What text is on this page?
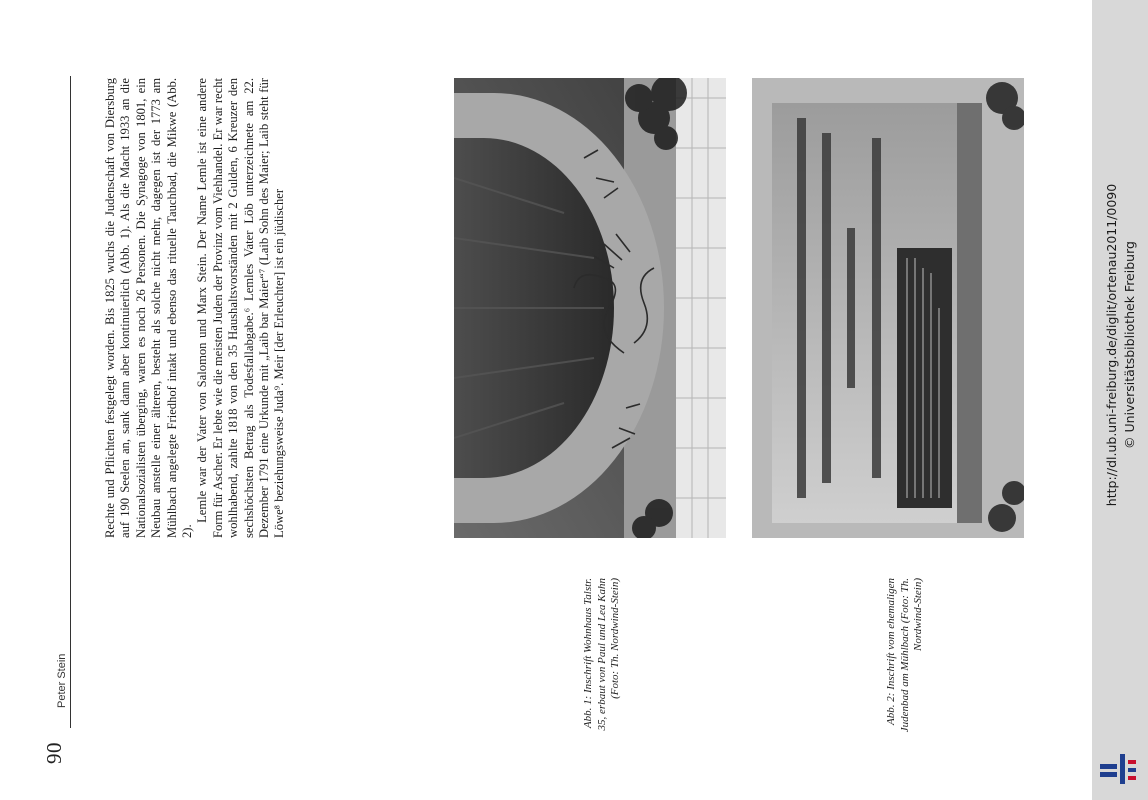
90
Peter Stein

Rechte und Pflichten festgelegt worden. Bis 1825 wuchs die Judenschaft von Diersburg auf 190 Seelen an, sank dann aber kontinuierlich (Abb. 1). Als die Macht 1933 an die Nationalsozialisten überging, waren es noch 26 Personen. Die Synagoge von 1801, ein Neubau anstelle einer älteren, besteht als solche nicht mehr, dagegen ist der 1773 am Mühlbach angelegte Friedhof intakt und ebenso das rituelle Tauchbad, die Mikwe (Abb. 2).

Lemle war der Vater von Salomon und Marx Stein. Der Name Lemle ist eine andere Form für Ascher. Er lebte wie die meisten Juden der Provinz vom Viehhandel. Er war recht wohlhabend, zahlte 1818 von den 35 Haushaltsvorständen mit 2 Gulden, 6 Kreuzer den sechshöchsten Betrag als Todesfallabgabe.⁶ Lemles Vater Löb unterzeichnete am 22. Dezember 1791 eine Urkunde mit „Laib bar Maier“⁷ (Laib Sohn des Maier; Laib steht für Löwe⁸ beziehungsweise Juda⁹. Meir [der Erleuchter] ist ein jüdischer

Abb. 1: Inschrift Wohnhaus Talstr. 35, erbaut von Paul und Lea Kahn (Foto: Th. Nordwind-Stein)	Abb. 2: Inschrift vom ehemaligen Judenbad am Mühlbach (Foto: Th. Nordwind-Stein)
http://dl.ub.uni-freiburg.de/diglit/ortenau2011/0090 © Universitätsbibliothek Freiburg
